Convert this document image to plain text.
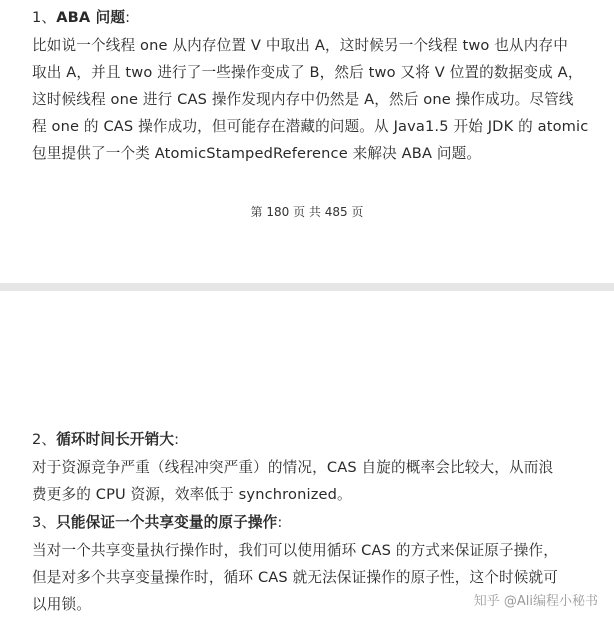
1、ABA 问题:
比如说一个线程 one 从内存位置 V 中取出 A，这时候另一个线程 two 也从内存中
取出 A，并且 two 进行了一些操作变成了 B，然后 two 又将 V 位置的数据变成 A，
这时候线程 one 进行 CAS 操作发现内存中仍然是 A，然后 one 操作成功。尽管线
程 one 的 CAS 操作成功，但可能存在潜藏的问题。从 Java1.5 开始 JDK 的 atomic
包里提供了一个类 AtomicStampedReference 来解决 ABA 问题。
第 180 页 共 485 页
2、循环时间长开销大:
对于资源竞争严重（线程冲突严重）的情况，CAS 自旋的概率会比较大，从而浪
费更多的 CPU 资源，效率低于 synchronized。
3、只能保证一个共享变量的原子操作:
当对一个共享变量执行操作时，我们可以使用循环 CAS 的方式来保证原子操作，
但是对多个共享变量操作时，循环 CAS 就无法保证操作的原子性，这个时候就可
以用锁。	知乎 @Ali编程小秘书
